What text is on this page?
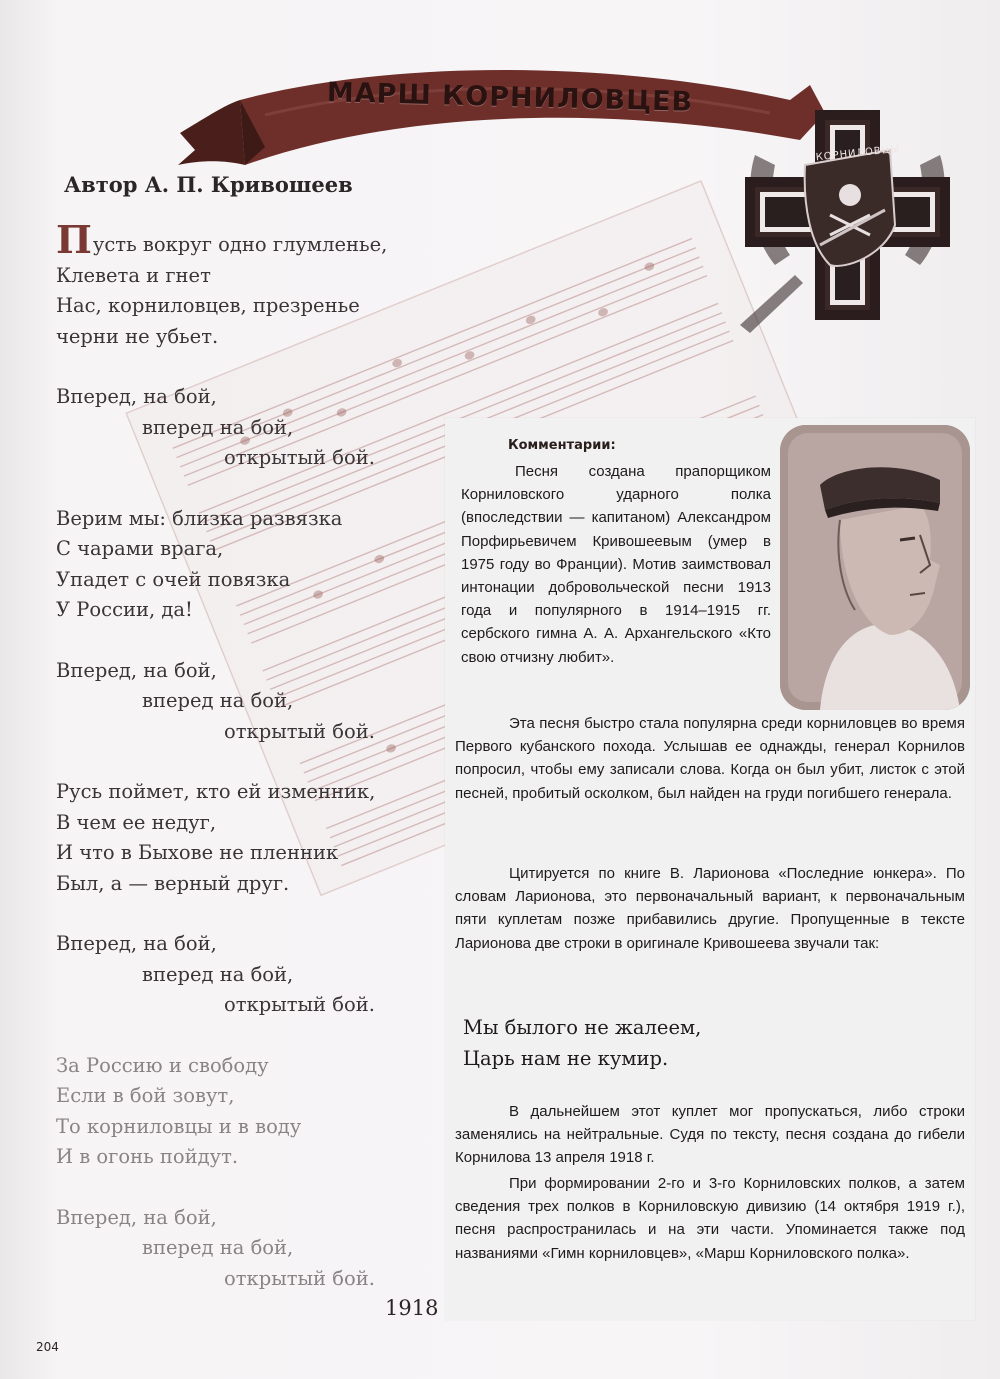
МАРШ КОРНИЛОВЦЕВ
КОРНИЛОВЦЫ
Автор А. П. Кривошеев
Пусть вокруг одно глумленье,
Клевета и гнет
Нас, корниловцев, презренье
черни не убьет.
Вперед, на бой,
вперед на бой,
открытый бой.
Верим мы: близка развязка
С чарами врага,
Упадет с очей повязка
У России, да!
Вперед, на бой,
вперед на бой,
открытый бой.
Русь поймет, кто ей изменник,
В чем ее недуг,
И что в Быхове не пленник
Был, а — верный друг.
Вперед, на бой,
вперед на бой,
открытый бой.
За Россию и свободу
Если в бой зовут,
То корниловцы и в воду
И в огонь пойдут.
Вперед, на бой,
вперед на бой,
открытый бой.
1918
204
Комментарии:

Песня создана прапорщиком Корниловского ударного полка (впоследствии — капитаном) Александром Порфирьевичем Кривошеевым (умер в 1975 году во Франции). Мотив заимствовал интонации добровольческой песни 1913 года и популярного в 1914–1915 гг. сербского гимна А. А. Архангельского «Кто свою отчизну любит».

Эта песня быстро стала популярна среди корниловцев во время Первого кубанского похода. Услышав ее однажды, генерал Корнилов попросил, чтобы ему записали слова. Когда он был убит, листок с этой песней, пробитый осколком, был найден на груди погибшего генерала.

Цитируется по книге В. Ларионова «Последние юнкера». По словам Ларионова, это первоначальный вариант, к первоначальным пяти куплетам позже прибавились другие. Пропущенные в тексте Ларионова две строки в оригинале Кривошеева звучали так:

Мы былого не жалеем,
Царь нам не кумир.

В дальнейшем этот куплет мог пропускаться, либо строки заменялись на нейтральные. Судя по тексту, песня создана до гибели Корнилова 13 апреля 1918 г.

При формировании 2-го и 3-го Корниловских полков, а затем сведения трех полков в Корниловскую дивизию (14 октября 1919 г.), песня распространилась и на эти части. Упоминается также под названиями «Гимн корниловцев», «Марш Корниловского полка».
